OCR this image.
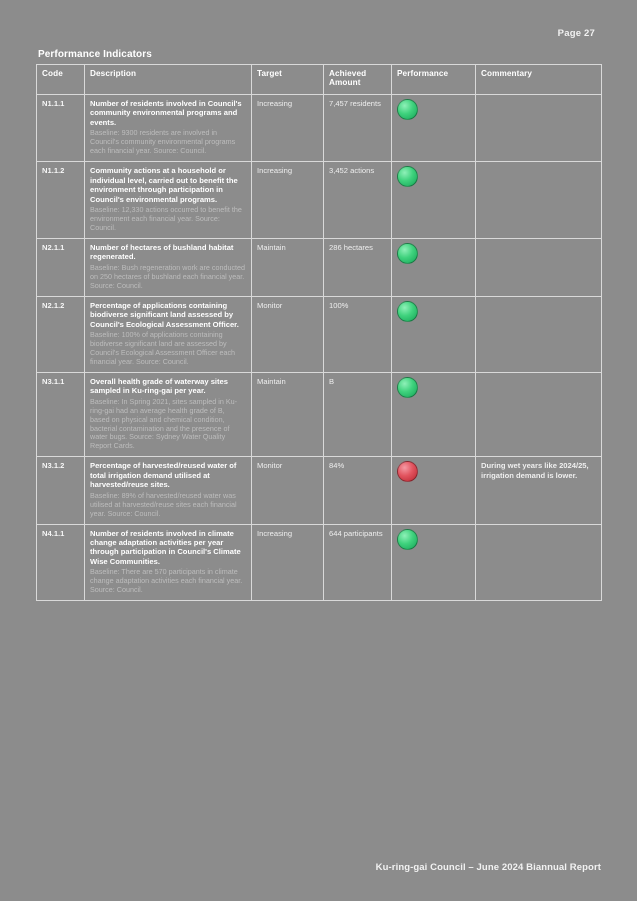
Page 27
Performance Indicators
Code	Description	Target	Achieved Amount	Performance	Commentary
N1.1.1	Number of residents involved in Council's community environmental programs and events.
Baseline: 9300 residents are involved in Council's community environmental programs each financial year. Source: Council.	Increasing	7,457 residents		
N1.1.2	Community actions at a household or individual level, carried out to benefit the environment through participation in Council's environmental programs.
Baseline: 12,330 actions occurred to benefit the environment each financial year. Source: Council.	Increasing	3,452 actions		
N2.1.1	Number of hectares of bushland habitat regenerated.
Baseline: Bush regeneration work are conducted on 250 hectares of bushland each financial year. Source: Council.	Maintain	286 hectares		
N2.1.2	Percentage of applications containing biodiverse significant land assessed by Council's Ecological Assessment Officer.
Baseline: 100% of applications containing biodiverse significant land are assessed by Council's Ecological Assessment Officer each financial year. Source: Council.	Monitor	100%		
N3.1.1	Overall health grade of waterway sites sampled in Ku-ring-gai per year.
Baseline: In Spring 2021, sites sampled in Ku-ring-gai had an average health grade of B, based on physical and chemical condition, bacterial contamination and the presence of water bugs. Source: Sydney Water Quality Report Cards.	Maintain	B		
N3.1.2	Percentage of harvested/reused water of total irrigation demand utilised at harvested/reuse sites.
Baseline: 89% of harvested/reused water was utilised at harvested/reuse sites each financial year. Source: Council.	Monitor	84%		During wet years like 2024/25, irrigation demand is lower.
N4.1.1	Number of residents involved in climate change adaptation activities per year through participation in Council's Climate Wise Communities.
Baseline: There are 570 participants in climate change adaptation activities each financial year. Source: Council.	Increasing	644 participants		
Ku-ring-gai Council – June 2024 Biannual Report
